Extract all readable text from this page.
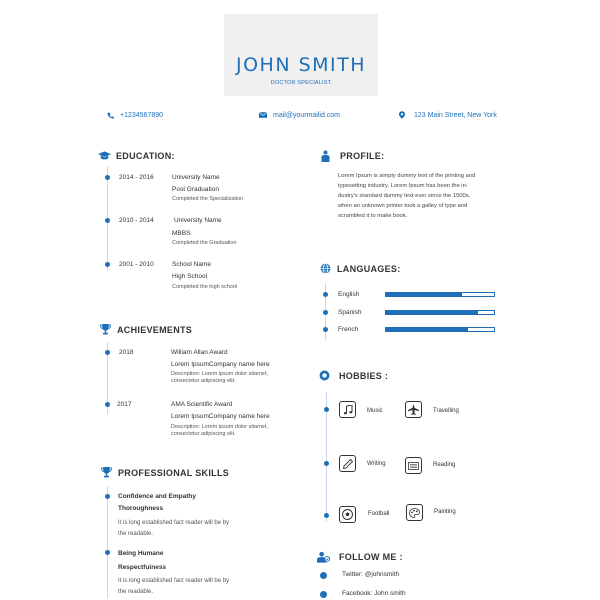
JOHN SMITH
DOCTOR SPECIALIST
+1234567890	mail@yourmailid.com	123 Main Street, New York
EDUCATION:
2014 - 2016	University Name
Post Graduation
Completed the Specialization
2010 - 2014	University Name
MBBS
Completed the Graduation
2001 - 2010	School Name
High School
Completed the high school
ACHIEVEMENTS
2018	William Allan Award
Lorem IpsumCompany name here
Description: Lorem ipsum dolor sitamet,
consectetur adipiscing elit.
2017	AMA Scientific Award
Lorem IpsumCompany name here
Description: Lorem ipsum dolor sitamet,
consectetur adipiscing elit.
PROFESSIONAL SKILLS
Confidence and Empathy
Thoroughness
It is long established fact reader will be by
the readable.
Being Humane
Respectfuiness
It is long established fact reader will be by
the readable.
PROFILE:
Lorem Ipsum is simply dummy text of the printing and
typesetting industry. Lorem Ipsum has been the in-
dustry's standard dummy text ever since the 1500s,
when an unknown printer took a galley of type and
scrambled it to make book.
LANGUAGES:
English
Spanish
French
HOBBIES :
Music	Travelling
Writing	Reading
Football	Painting
FOLLOW ME :
Twitter: @johnsmith
Facebook: John smith
